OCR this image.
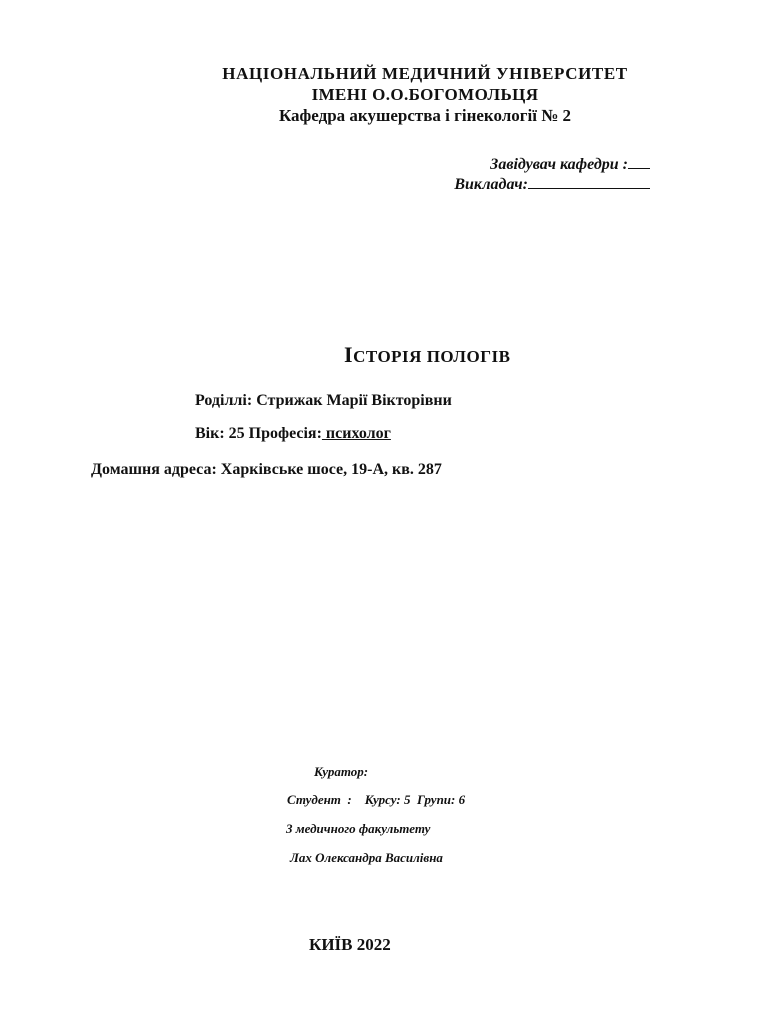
НАЦІОНАЛЬНИЙ МЕДИЧНИЙ УНІВЕРСИТЕТ
ІМЕНІ О.О.БОГОМОЛЬЦЯ
Кафедра акушерства і гінекології № 2
Завідувач кафедри :
Викладач:
ІСТОРІЯ ПОЛОГІВ
Роділлі: Стрижак Марії Вікторівни
Вік: 25 Професія: психолог
Домашня адреса: Харківське шосе, 19-А, кв. 287
Куратор:
Студент  : Курсу: 5 Групи: 6
3 медичного факультету
Лах Олександра Василівна
КИЇВ 2022
